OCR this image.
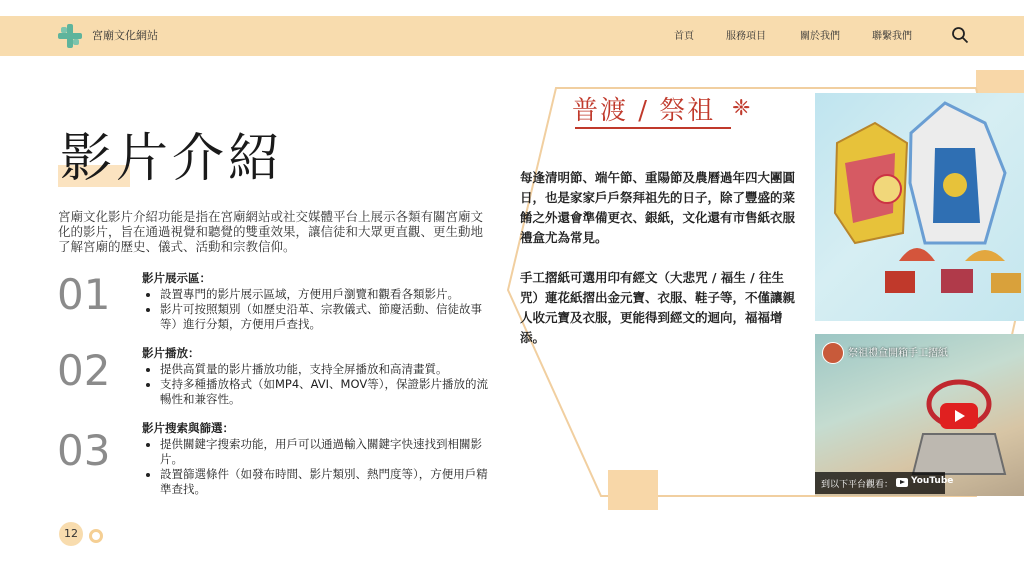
宮廟文化網站	首頁	服務項目	關於我們	聯繫我們
影片介紹

宮廟文化影片介紹功能是指在宮廟網站或社交媒體平台上展示各類有關宮廟文化的影片，旨在通過視覺和聽覺的雙重效果，讓信徒和大眾更直觀、更生動地了解宮廟的歷史、儀式、活動和宗教信仰。

01	影片展示區：
• 設置專門的影片展示區域，方便用戶瀏覽和觀看各類影片。
• 影片可按照類別（如歷史沿革、宗教儀式、節慶活動、信徒故事等）進行分類，方便用戶查找。
02	影片播放：
• 提供高質量的影片播放功能，支持全屏播放和高清畫質。
• 支持多種播放格式（如MP4、AVI、MOV等），保證影片播放的流暢性和兼容性。
03	影片搜索與篩選：
• 提供關鍵字搜索功能，用戶可以通過輸入關鍵字快速找到相關影片。
• 設置篩選條件（如發布時間、影片類別、熱門度等），方便用戶精準查找。
12
普渡 / 祭祖 ❈

每逢清明節、端午節、重陽節及農曆過年四大團圓日，也是家家戶戶祭拜祖先的日子，除了豐盛的菜餚之外還會準備更衣、銀紙，文化還有市售紙衣服禮盒尤為常見。

手工摺紙可選用印有經文（大悲咒 / 福生 / 往生咒）蓮花紙摺出金元寶、衣服、鞋子等，不僅讓親人收元寶及衣服，更能得到經文的迴向，福福增添。

祭祖禮盒開箱手工摺紙
到以下平台觀看： YouTube
